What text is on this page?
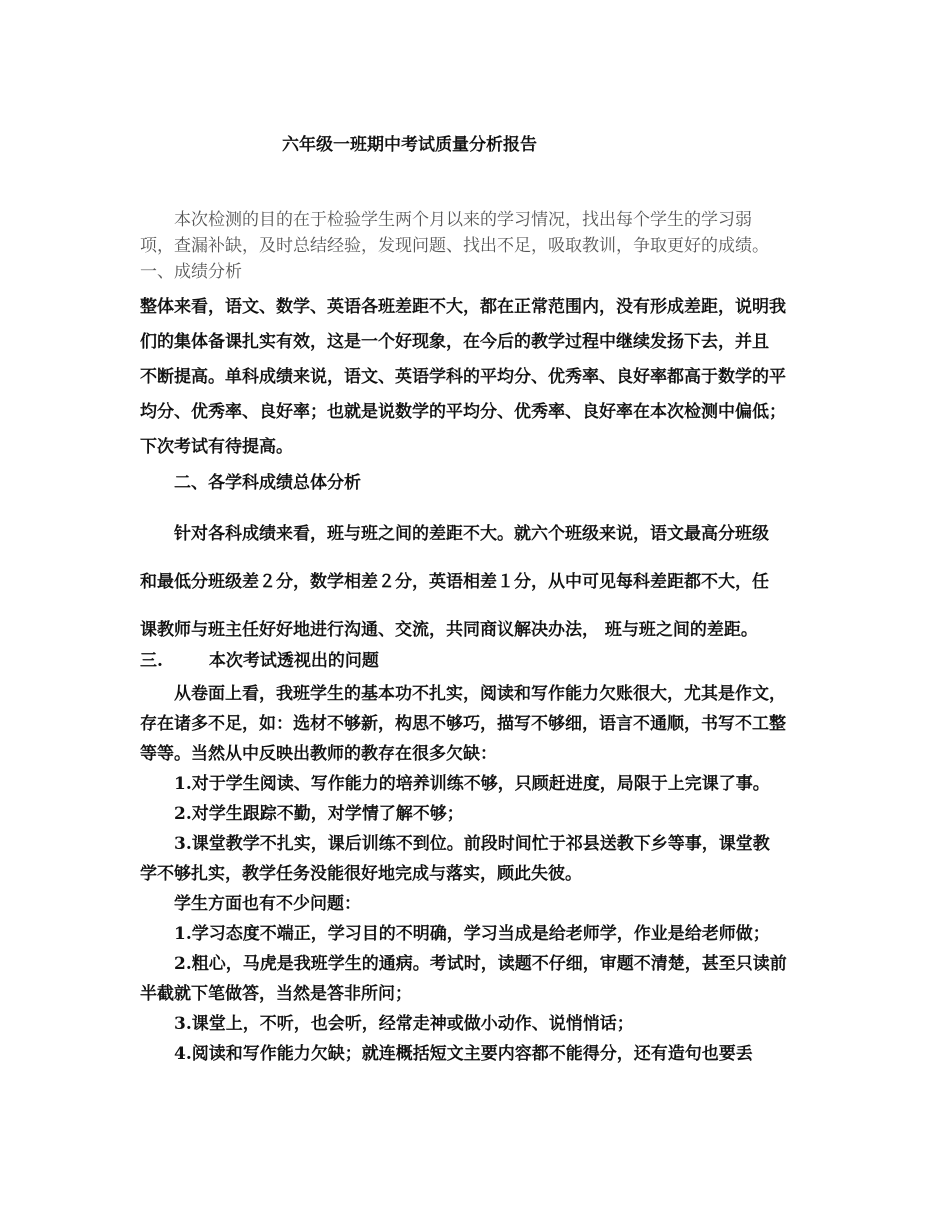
六年级一班期中考试质量分析报告
本次检测的目的在于检验学生两个月以来的学习情况，找出每个学生的学习弱
项，查漏补缺，及时总结经验，发现问题、找出不足，吸取教训，争取更好的成绩。
一、成绩分析
整体来看，语文、数学、英语各班差距不大，都在正常范围内，没有形成差距，说明我
们的集体备课扎实有效，这是一个好现象，在今后的教学过程中继续发扬下去，并且
不断提高。单科成绩来说，语文、英语学科的平均分、优秀率、良好率都高于数学的平
均分、优秀率、良好率；也就是说数学的平均分、优秀率、良好率在本次检测中偏低；
下次考试有待提高。
二、各学科成绩总体分析
针对各科成绩来看，班与班之间的差距不大。就六个班级来说，语文最高分班级
和最低分班级差２分，数学相差２分，英语相差１分，从中可见每科差距都不大，任
课教师与班主任好好地进行沟通、交流，共同商议解决办法， 班与班之间的差距。
三.	本次考试透视出的问题
从卷面上看，我班学生的基本功不扎实，阅读和写作能力欠账很大，尤其是作文，
存在诸多不足，如：选材不够新，构思不够巧，描写不够细，语言不通顺，书写不工整
等等。当然从中反映出教师的教存在很多欠缺：
1.对于学生阅读、写作能力的培养训练不够，只顾赶进度，局限于上完课了事。
2.对学生跟踪不勤，对学情了解不够；
3.课堂教学不扎实，课后训练不到位。前段时间忙于祁县送教下乡等事，课堂教
学不够扎实，教学任务没能很好地完成与落实，顾此失彼。
学生方面也有不少问题：
1.学习态度不端正，学习目的不明确，学习当成是给老师学，作业是给老师做；
2.粗心，马虎是我班学生的通病。考试时，读题不仔细，审题不清楚，甚至只读前
半截就下笔做答，当然是答非所问；
3.课堂上，不听，也会听，经常走神或做小动作、说悄悄话；
4.阅读和写作能力欠缺；就连概括短文主要内容都不能得分，还有造句也要丢
